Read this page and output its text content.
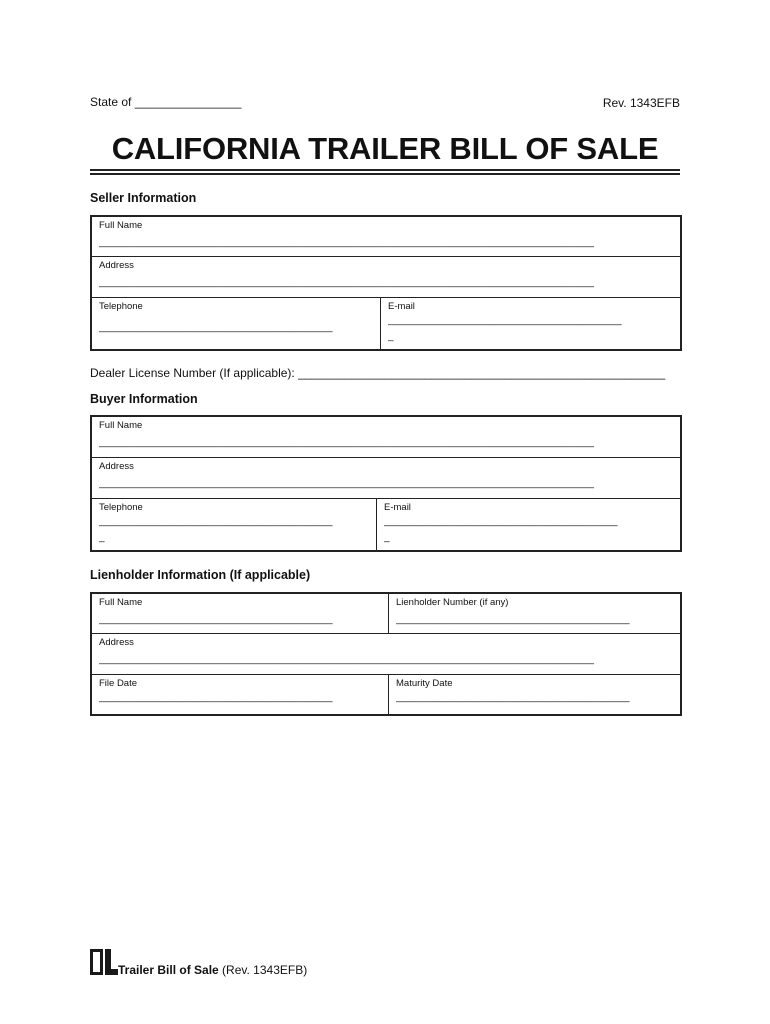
State of ________________	Rev. 1343EFB
CALIFORNIA TRAILER BILL OF SALE
Seller Information
Full Name
_________________________________________________________________________________________
Address
_________________________________________________________________________________________
Telephone
__________________________________________
E-mail
__________________________________________
_
Dealer License Number (If applicable): _______________________________________________________
Buyer Information
Full Name
_________________________________________________________________________________________
Address
_________________________________________________________________________________________
Telephone
__________________________________________
_
E-mail
__________________________________________
_
Lienholder Information (If applicable)
Full Name
__________________________________________
Lienholder Number (if any)
__________________________________________
Address
_________________________________________________________________________________________
File Date
__________________________________________
Maturity Date
__________________________________________
Trailer Bill of Sale (Rev. 1343EFB)
